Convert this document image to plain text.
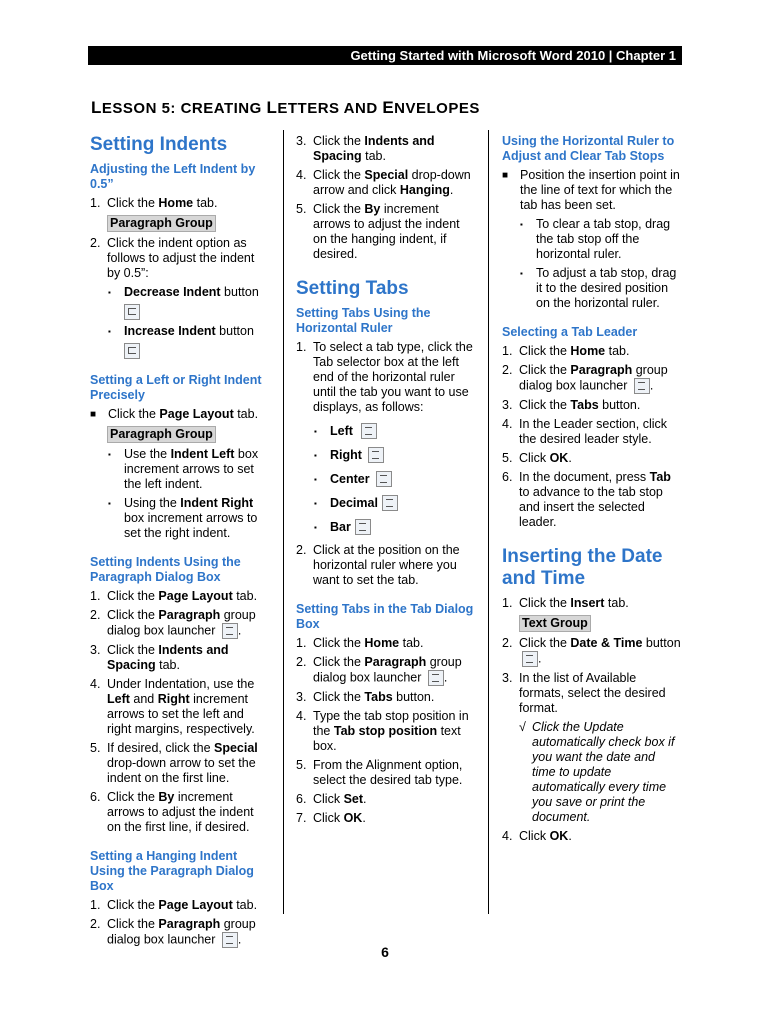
Getting Started with Microsoft Word 2010 | Chapter 1
LESSON 5: CREATING LETTERS AND ENVELOPES
Setting Indents
Adjusting the Left Indent by 0.5”
1. Click the Home tab.
Paragraph Group
2. Click the indent option as follows to adjust the indent by 0.5”:
▪	Decrease Indent button

▪	Increase Indent button

Setting a Left or Right Indent Precisely
■ Click the Page Layout tab.
Paragraph Group
▪	Use the Indent Left box increment arrows to set the left indent.
▪	Using the Indent Right box increment arrows to set the right indent.
Setting Indents Using the Paragraph Dialog Box
1. Click the Page Layout tab.
2. Click the Paragraph group dialog box launcher .
3. Click the Indents and Spacing tab.
4. Under Indentation, use the Left and Right increment arrows to set the left and right margins, respectively.
5. If desired, click the Special drop-down arrow to set the indent on the first line.
6. Click the By increment arrows to adjust the indent on the first line, if desired.
Setting a Hanging Indent Using the Paragraph Dialog Box
1. Click the Page Layout tab.
2. Click the Paragraph group dialog box launcher .
3. Click the Indents and Spacing tab.
4. Click the Special drop-down arrow and click Hanging.
5. Click the By increment arrows to adjust the indent on the hanging indent, if desired.
Setting Tabs
Setting Tabs Using the Horizontal Ruler
1. To select a tab type, click the Tab selector box at the left end of the horizontal ruler until the tab you want to use displays, as follows:
▪	Left
▪	Right
▪	Center
▪	Decimal
▪	Bar
2. Click at the position on the horizontal ruler where you want to set the tab.
Setting Tabs in the Tab Dialog Box
1. Click the Home tab.
2. Click the Paragraph group dialog box launcher .
3. Click the Tabs button.
4. Type the tab stop position in the Tab stop position text box.
5. From the Alignment option, select the desired tab type.
6. Click Set.
7. Click OK.
Using the Horizontal Ruler to Adjust and Clear Tab Stops
■ Position the insertion point in the line of text for which the tab has been set.
▪	To clear a tab stop, drag the tab stop off the horizontal ruler.
▪	To adjust a tab stop, drag it to the desired position on the horizontal ruler.
Selecting a Tab Leader
1. Click the Home tab.
2. Click the Paragraph group dialog box launcher .
3. Click the Tabs button.
4. In the Leader section, click the desired leader style.
5. Click OK.
6. In the document, press Tab to advance to the tab stop and insert the selected leader.
Inserting the Date and Time
1. Click the Insert tab.
Text Group
2. Click the Date & Time button .
3. In the list of Available formats, select the desired format.
√ Click the Update automatically check box if you want the date and time to update automatically every time you save or print the document.
4. Click OK.
6
